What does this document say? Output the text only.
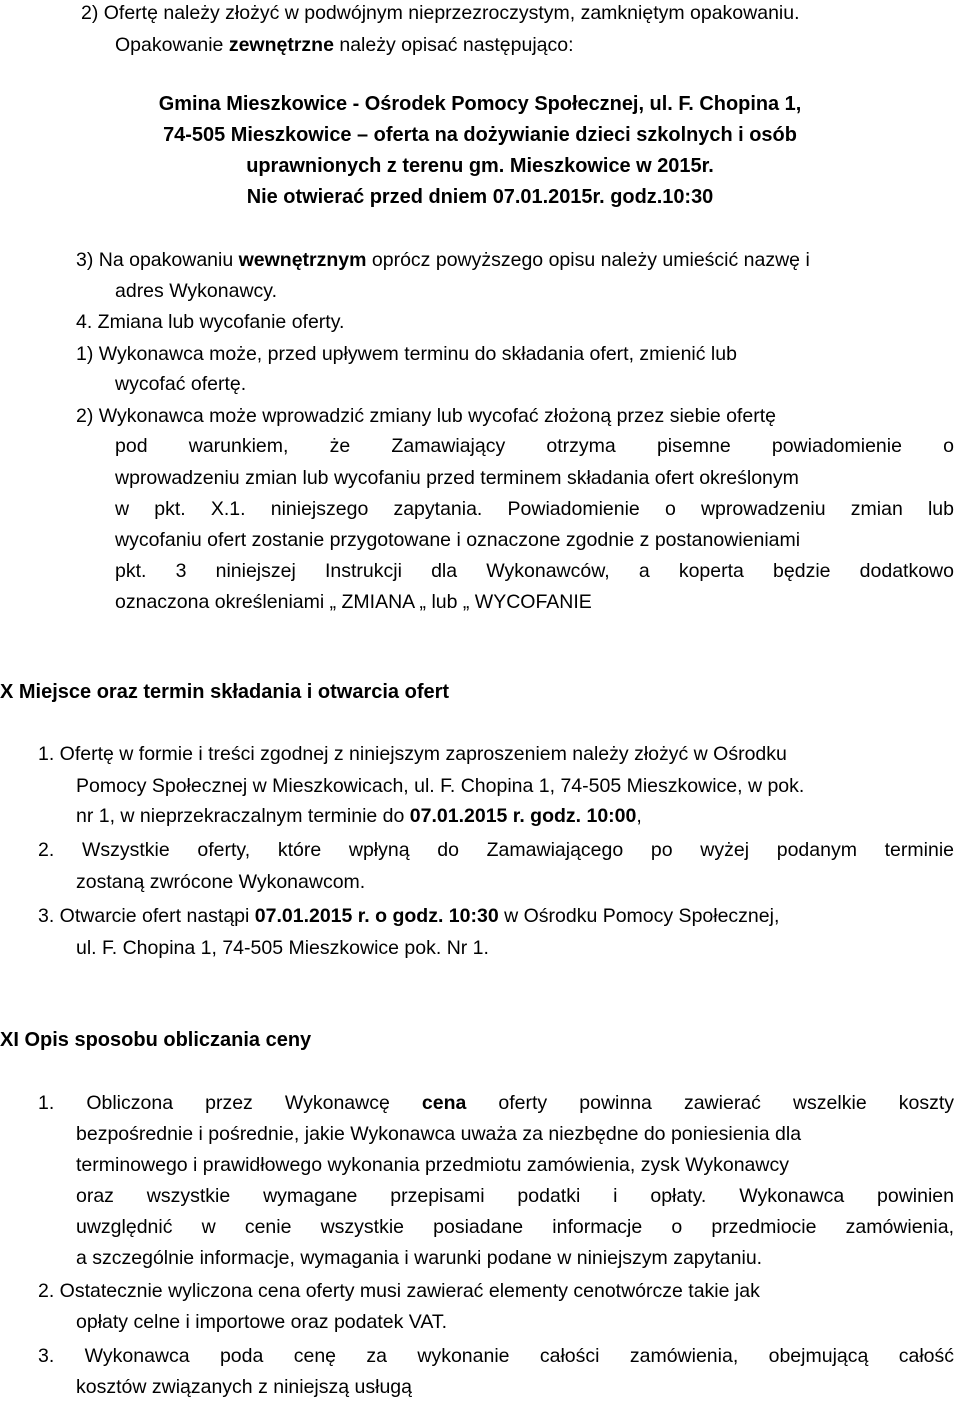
2) Ofertę należy złożyć w podwójnym nieprzezroczystym, zamkniętym opakowaniu.
Opakowanie zewnętrzne należy opisać następująco:
Gmina Mieszkowice - Ośrodek Pomocy Społecznej, ul. F. Chopina 1,
74-505 Mieszkowice – oferta na dożywianie dzieci szkolnych i osób
uprawnionych z terenu gm. Mieszkowice w 2015r.
Nie otwierać przed dniem 07.01.2015r. godz.10:30
3) Na opakowaniu wewnętrznym oprócz powyższego opisu należy umieścić nazwę i
adres Wykonawcy.
4. Zmiana lub wycofanie oferty.
1) Wykonawca może, przed upływem terminu do składania ofert, zmienić lub
wycofać ofertę.
2) Wykonawca może wprowadzić zmiany lub wycofać złożoną przez siebie ofertę
pod warunkiem, że Zamawiający otrzyma pisemne powiadomienie o
wprowadzeniu zmian lub wycofaniu przed terminem składania ofert określonym
w pkt. X.1. niniejszego zapytania. Powiadomienie o wprowadzeniu zmian lub
wycofaniu ofert zostanie przygotowane i oznaczone zgodnie z postanowieniami
pkt. 3 niniejszej Instrukcji dla Wykonawców, a koperta będzie dodatkowo
oznaczona określeniami „ ZMIANA „ lub „ WYCOFANIE
X Miejsce oraz termin składania i otwarcia ofert
1. Ofertę w formie i treści zgodnej z niniejszym zaproszeniem należy złożyć w Ośrodku
Pomocy Społecznej w Mieszkowicach, ul. F. Chopina 1, 74-505 Mieszkowice, w pok.
nr 1, w nieprzekraczalnym terminie do 07.01.2015 r. godz. 10:00,
2. Wszystkie oferty, które wpłyną do Zamawiającego po wyżej podanym terminie
zostaną zwrócone Wykonawcom.
3. Otwarcie ofert nastąpi 07.01.2015 r. o godz. 10:30 w Ośrodku Pomocy Społecznej,
ul. F. Chopina 1, 74-505 Mieszkowice pok. Nr 1.
XI Opis sposobu obliczania ceny
1. Obliczona przez Wykonawcę cena oferty powinna zawierać wszelkie koszty
bezpośrednie i pośrednie, jakie Wykonawca uważa za niezbędne do poniesienia dla
terminowego i prawidłowego wykonania przedmiotu zamówienia, zysk Wykonawcy
oraz wszystkie wymagane przepisami podatki i opłaty. Wykonawca powinien
uwzględnić w cenie wszystkie posiadane informacje o przedmiocie zamówienia,
a szczególnie informacje, wymagania i warunki podane w niniejszym zapytaniu.
2. Ostatecznie wyliczona cena oferty musi zawierać elementy cenotwórcze takie jak
opłaty celne i importowe oraz podatek VAT.
3. Wykonawca poda cenę za wykonanie całości zamówienia, obejmującą całość
kosztów związanych z niniejszą usługą
